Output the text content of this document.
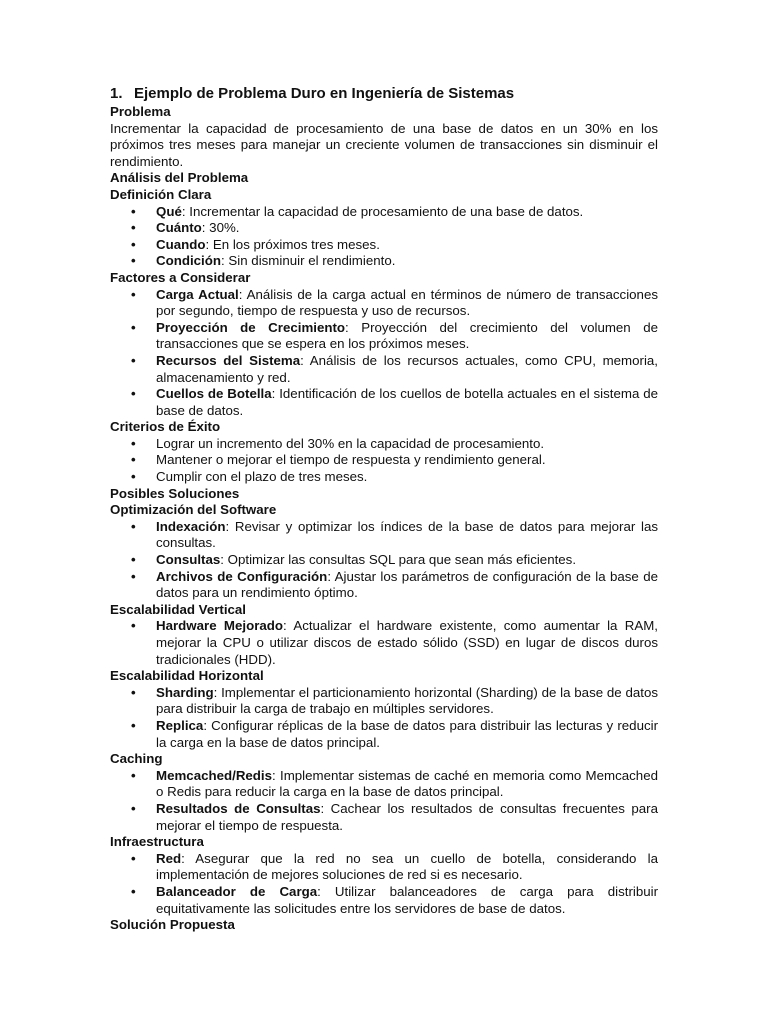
1. Ejemplo de Problema Duro en Ingeniería de Sistemas
Problema
Incrementar la capacidad de procesamiento de una base de datos en un 30% en los próximos tres meses para manejar un creciente volumen de transacciones sin disminuir el rendimiento.
Análisis del Problema
Definición Clara
• Qué: Incrementar la capacidad de procesamiento de una base de datos.
• Cuánto: 30%.
• Cuando: En los próximos tres meses.
• Condición: Sin disminuir el rendimiento.
Factores a Considerar
• Carga Actual: Análisis de la carga actual en términos de número de transacciones por segundo, tiempo de respuesta y uso de recursos.
• Proyección de Crecimiento: Proyección del crecimiento del volumen de transacciones que se espera en los próximos meses.
• Recursos del Sistema: Análisis de los recursos actuales, como CPU, memoria, almacenamiento y red.
• Cuellos de Botella: Identificación de los cuellos de botella actuales en el sistema de base de datos.
Criterios de Éxito
• Lograr un incremento del 30% en la capacidad de procesamiento.
• Mantener o mejorar el tiempo de respuesta y rendimiento general.
• Cumplir con el plazo de tres meses.
Posibles Soluciones
Optimización del Software
• Indexación: Revisar y optimizar los índices de la base de datos para mejorar las consultas.
• Consultas: Optimizar las consultas SQL para que sean más eficientes.
• Archivos de Configuración: Ajustar los parámetros de configuración de la base de datos para un rendimiento óptimo.
Escalabilidad Vertical
• Hardware Mejorado: Actualizar el hardware existente, como aumentar la RAM, mejorar la CPU o utilizar discos de estado sólido (SSD) en lugar de discos duros tradicionales (HDD).
Escalabilidad Horizontal
• Sharding: Implementar el particionamiento horizontal (Sharding) de la base de datos para distribuir la carga de trabajo en múltiples servidores.
• Replica: Configurar réplicas de la base de datos para distribuir las lecturas y reducir la carga en la base de datos principal.
Caching
• Memcached/Redis: Implementar sistemas de caché en memoria como Memcached o Redis para reducir la carga en la base de datos principal.
• Resultados de Consultas: Cachear los resultados de consultas frecuentes para mejorar el tiempo de respuesta.
Infraestructura
• Red: Asegurar que la red no sea un cuello de botella, considerando la implementación de mejores soluciones de red si es necesario.
• Balanceador de Carga: Utilizar balanceadores de carga para distribuir equitativamente las solicitudes entre los servidores de base de datos.
Solución Propuesta
